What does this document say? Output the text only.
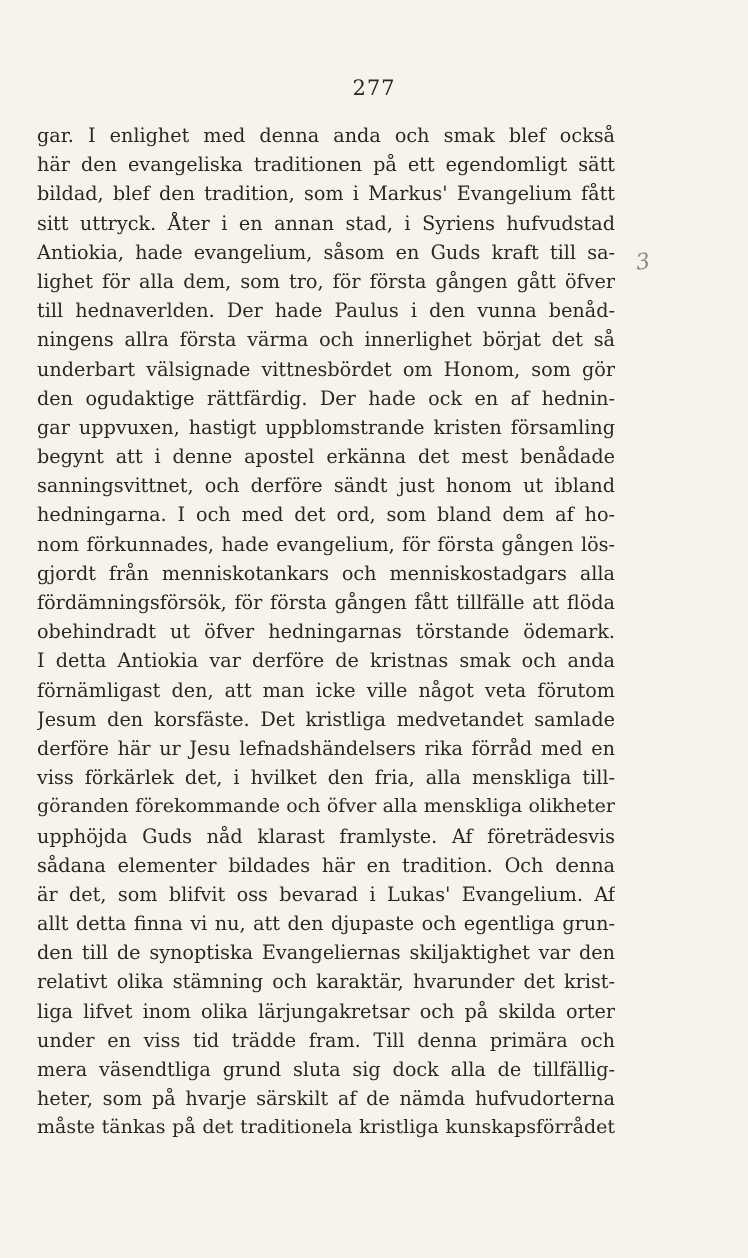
277
3
gar. I enlighet med denna anda och smak blef också
här den evangeliska traditionen på ett egendomligt sätt
bildad, blef den tradition, som i Markus' Evangelium fått
sitt uttryck. Åter i en annan stad, i Syriens hufvudstad
Antiokia, hade evangelium, såsom en Guds kraft till sa-
lighet för alla dem, som tro, för första gången gått öfver
till hednaverlden. Der hade Paulus i den vunna benåd-
ningens allra första värma och innerlighet börjat det så
underbart välsignade vittnesbördet om Honom, som gör
den ogudaktige rättfärdig. Der hade ock en af hednin-
gar uppvuxen, hastigt uppblomstrande kristen församling
begynt att i denne apostel erkänna det mest benådade
sanningsvittnet, och derföre sändt just honom ut ibland
hedningarna. I och med det ord, som bland dem af ho-
nom förkunnades, hade evangelium, för första gången lös-
gjordt från menniskotankars och menniskostadgars alla
fördämningsförsök, för första gången fått tillfälle att flöda
obehindradt ut öfver hedningarnas törstande ödemark.
I detta Antiokia var derföre de kristnas smak och anda
förnämligast den, att man icke ville något veta förutom
Jesum den korsfäste. Det kristliga medvetandet samlade
derföre här ur Jesu lefnadshändelsers rika förråd med en
viss förkärlek det, i hvilket den fria, alla menskliga till-
göranden förekommande och öfver alla menskliga olikheter
upphöjda Guds nåd klarast framlyste. Af företrädesvis
sådana elementer bildades här en tradition. Och denna
är det, som blifvit oss bevarad i Lukas' Evangelium. Af
allt detta finna vi nu, att den djupaste och egentliga grun-
den till de synoptiska Evangeliernas skiljaktighet var den
relativt olika stämning och karaktär, hvarunder det krist-
liga lifvet inom olika lärjungakretsar och på skilda orter
under en viss tid trädde fram. Till denna primära och
mera väsendtliga grund sluta sig dock alla de tillfällig-
heter, som på hvarje särskilt af de nämda hufvudorterna
måste tänkas på det traditionela kristliga kunskapsförrådet
